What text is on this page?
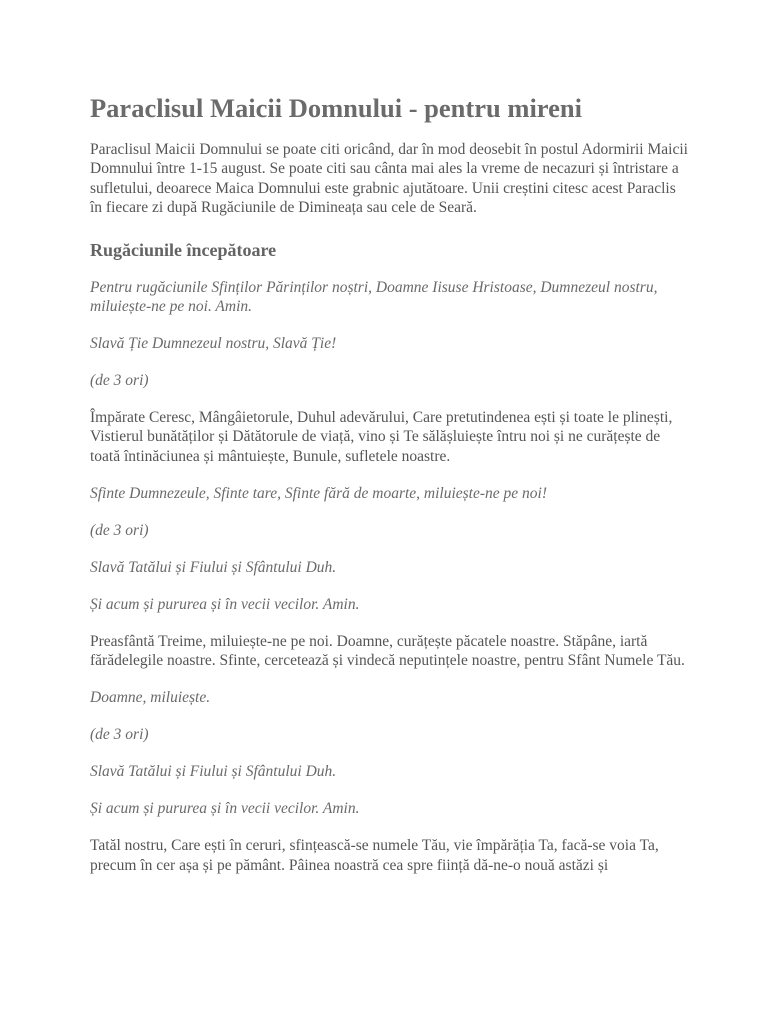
Paraclisul Maicii Domnului - pentru mireni

Paraclisul Maicii Domnului se poate citi oricând, dar în mod deosebit în postul Adormirii Maicii Domnului între 1-15 august. Se poate citi sau cânta mai ales la vreme de necazuri și întristare a sufletului, deoarece Maica Domnului este grabnic ajutătoare. Unii creștini citesc acest Paraclis în fiecare zi după Rugăciunile de Dimineața sau cele de Seară.

Rugăciunile începătoare

Pentru rugăciunile Sfinților Părinților noștri, Doamne Iisuse Hristoase, Dumnezeul nostru, miluiește-ne pe noi. Amin.

Slavă Ție Dumnezeul nostru, Slavă Ție!

(de 3 ori)

Împărate Ceresc, Mângâietorule, Duhul adevărului, Care pretutindenea ești și toate le plinești, Vistierul bunătăților și Dătătorule de viață, vino și Te sălășluiește întru noi și ne curățește de toată întinăciunea și mântuiește, Bunule, sufletele noastre.

Sfinte Dumnezeule, Sfinte tare, Sfinte fără de moarte, miluiește-ne pe noi!

(de 3 ori)

Slavă Tatălui și Fiului și Sfântului Duh.

Și acum și pururea și în vecii vecilor. Amin.

Preasfântă Treime, miluiește-ne pe noi. Doamne, curățește păcatele noastre. Stăpâne, iartă fărădelegile noastre. Sfinte, cercetează și vindecă neputințele noastre, pentru Sfânt Numele Tău.

Doamne, miluiește.

(de 3 ori)

Slavă Tatălui și Fiului și Sfântului Duh.

Și acum și pururea și în vecii vecilor. Amin.

Tatăl nostru, Care ești în ceruri, sfințească-se numele Tău, vie împărăția Ta, facă-se voia Ta, precum în cer așa și pe pământ. Pâinea noastră cea spre ființă dă-ne-o nouă astăzi și
